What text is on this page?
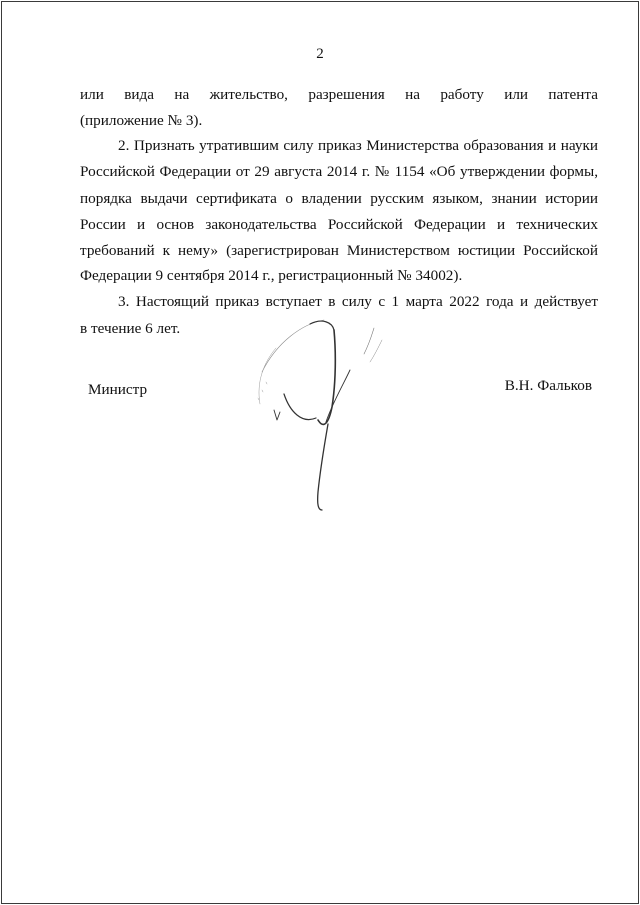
2
или вида на жительство, разрешения на работу или патента
(приложение № 3).
2. Признать утратившим силу приказ Министерства образования и науки
Российской Федерации от 29 августа 2014 г. № 1154 «Об утверждении формы,
порядка выдачи сертификата о владении русским языком, знании истории
России и основ законодательства Российской Федерации и технических
требований к нему» (зарегистрирован Министерством юстиции Российской
Федерации 9 сентября 2014 г., регистрационный № 34002).
3. Настоящий приказ вступает в силу с 1 марта 2022 года и действует
в течение 6 лет.
Министр	В.Н. Фальков
